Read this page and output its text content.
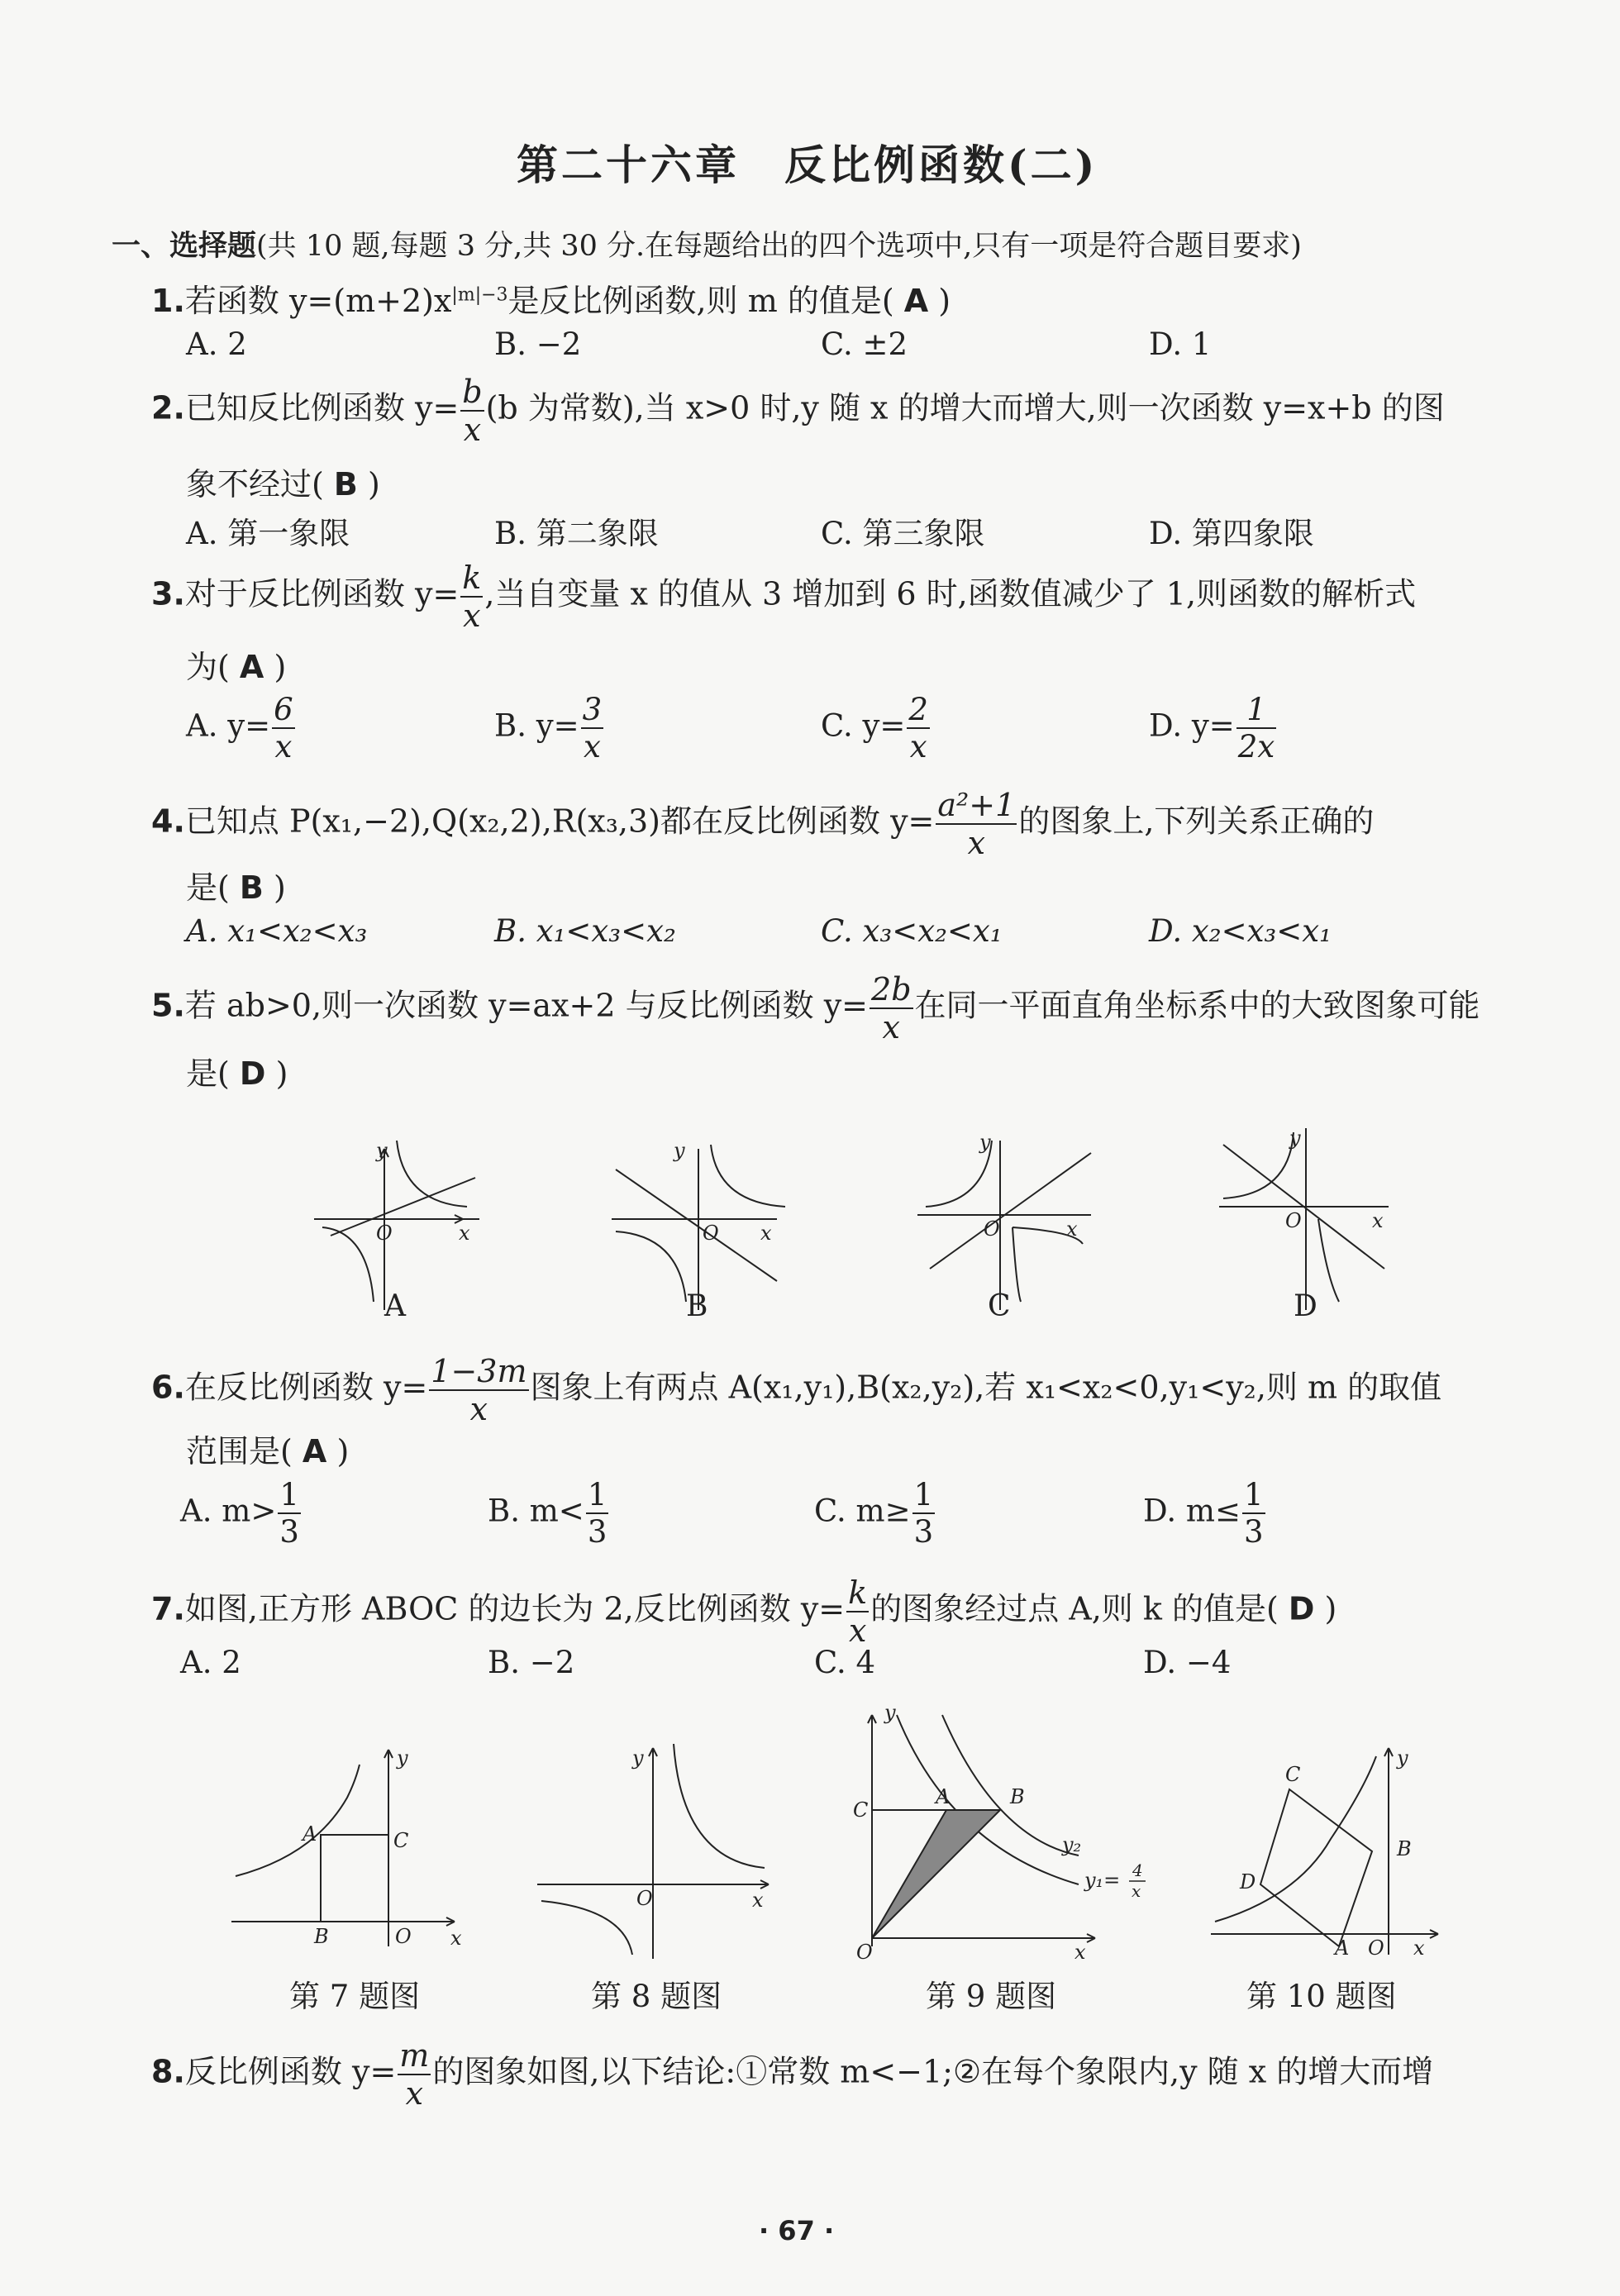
第二十六章　反比例函数(二)
一、选择题(共 10 题,每题 3 分,共 30 分.在每题给出的四个选项中,只有一项是符合题目要求)
1.若函数 $y=(m+2)x^{|m|-3}$是反比例函数,则 m 的值是( A )
A. 2	B. −2	C. ±2	D. 1
2.已知反比例函数 $y= \frac{b}{x} (b$ 为常数),当 x>0 时,y 随 x 的增大而增大,则一次函数 y=x+b 的图
象不经过( B )
A. 第一象限	B. 第二象限	C. 第三象限	D. 第四象限
3.对于反比例函数 $y= \frac{k}{x}$ ,当自变量 x 的值从 3 增加到 6 时,函数值减少了 1,则函数的解析式
为( A )
A. $y= \frac{6}{x}$	B. $y= \frac{3}{x}$	C. $y= \frac{2}{x}$	D. $y= \frac{1}{2x}$
4.已知点 P(x₁,−2),Q(x₂,2),R(x₃,3)都在反比例函数 $y= \frac{\text{a²+1}}{x}$ 的图象上,下列关系正确的
是( B )
A. x₁<x₂<x₃	B. x₁<x₃<x₂	C. x₃<x₂<x₁	D. x₂<x₃<x₁
5.若 ab>0,则一次函数 y=ax+2 与反比例函数 $y= \frac{2b}{x}$ 在同一平面直角坐标系中的大致图象可能
是( D )
y
x
O
y
x
O
y
x
O
y
x
O
A	B	C	D
6.在反比例函数 $y= \frac{1-3m}{x}$ 图象上有两点 A(x₁,y₁),B(x₂,y₂),若 x₁<x₂<0,y₁<y₂,则 m 的取值
范围是( A )
A. $m> \frac{1}{3}$	B. $m< \frac{1}{3}$	C. $m\ge \frac{1}{3}$	D. $m\le \frac{1}{3}$
7.如图,正方形 ABOC 的边长为 2,反比例函数 $y= \frac{k}{x}$ 的图象经过点 A,则 k 的值是( D )
A. 2	B. −2	C. 4	D. −4
y
x
O
A
B
C
y
x
O
y
x
O
C
A	B
y₂
y₁= 4
x
y
x
O
A
B
C
D
第 7 题图	第 8 题图	第 9 题图	第 10 题图
8.反比例函数 $y= \frac{m}{x}$ 的图象如图,以下结论:①常数 m<−1;②在每个象限内,y 随 x 的增大而增
· 67 ·
